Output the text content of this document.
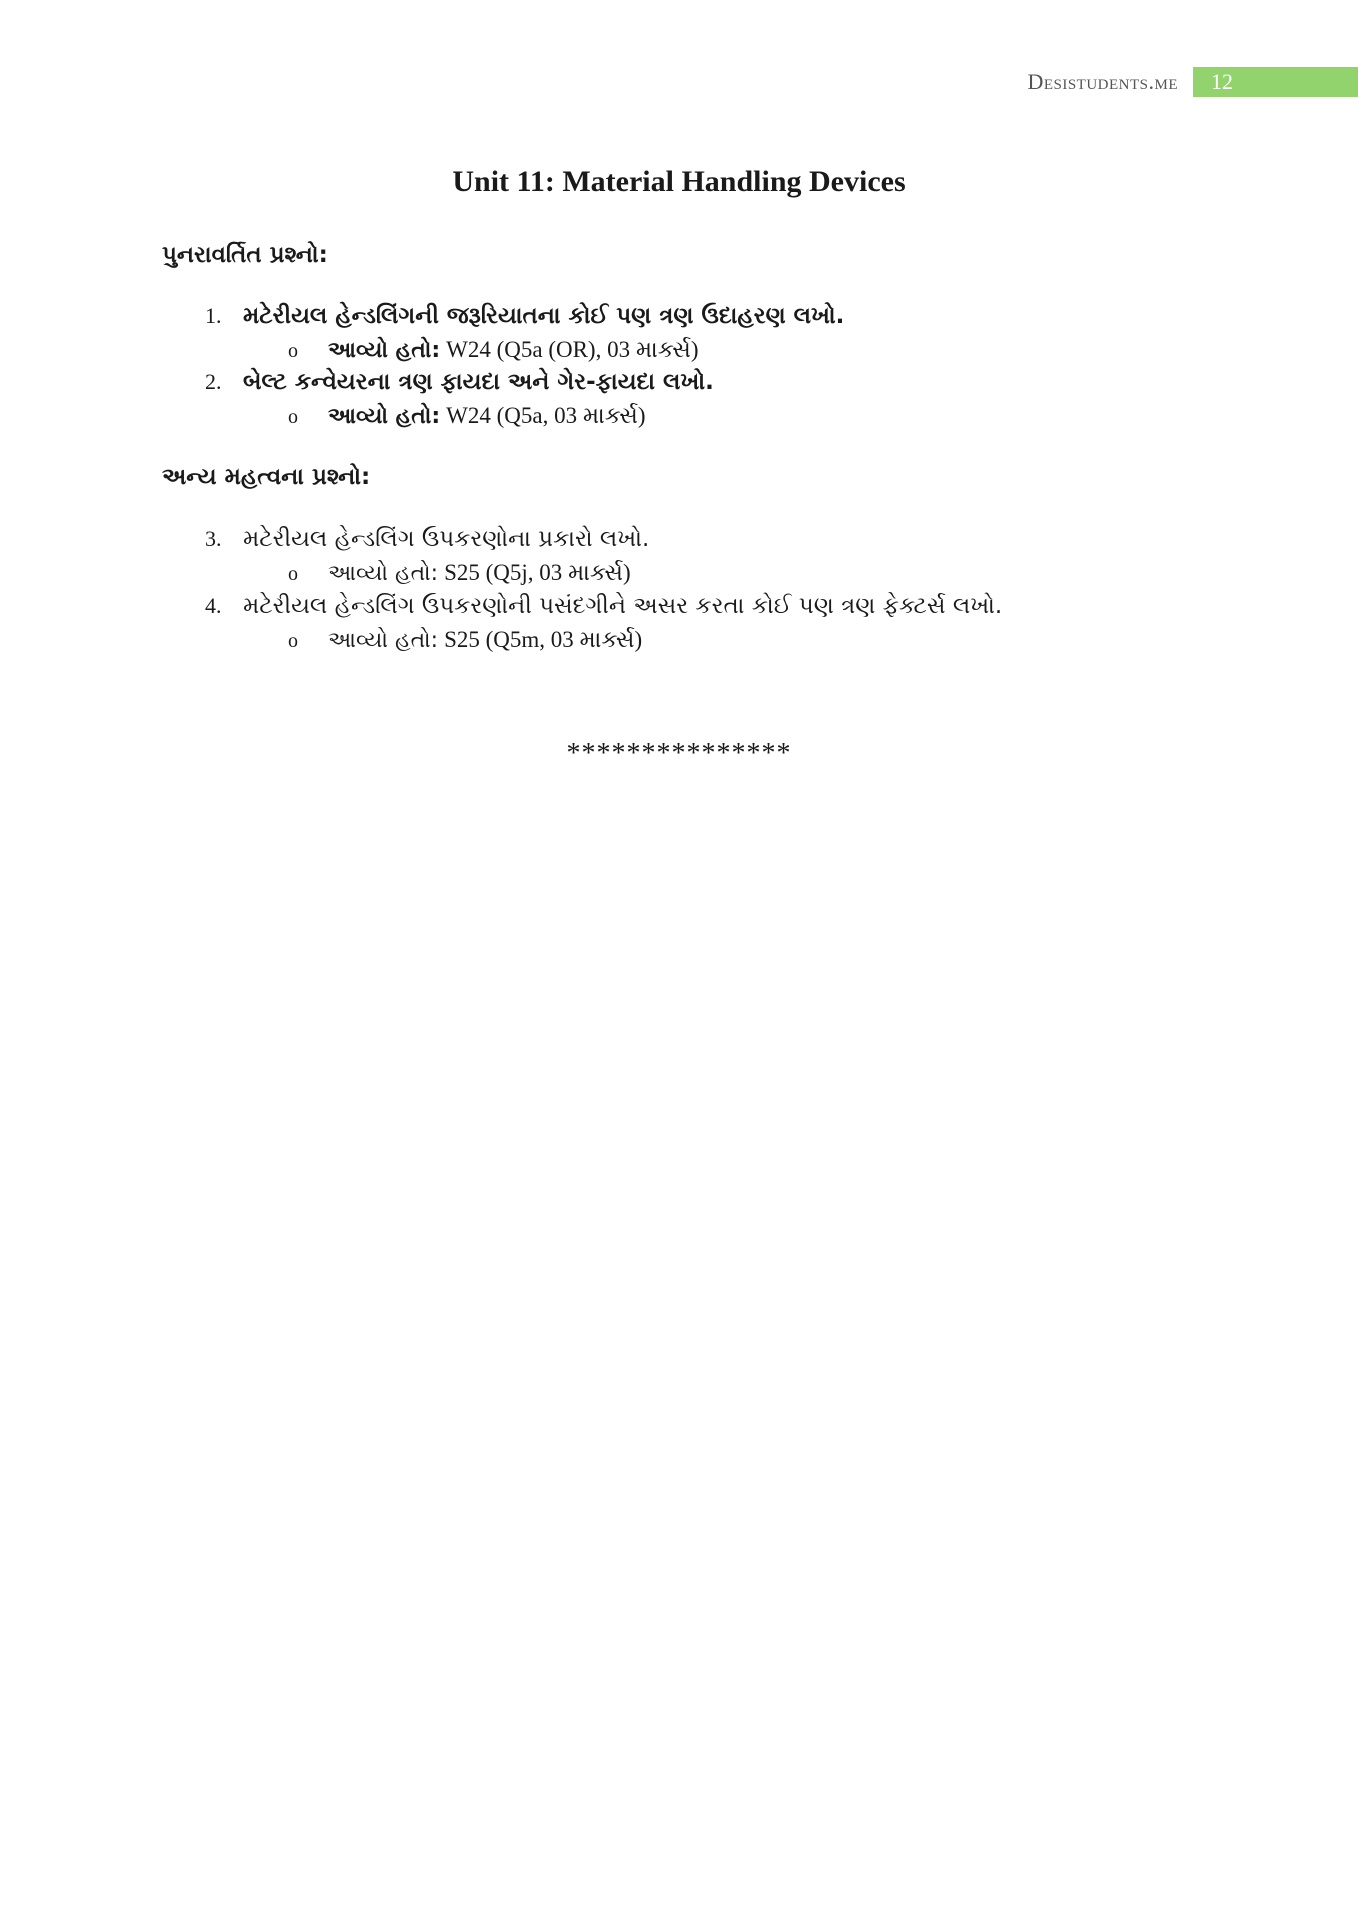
Desistudents.me	12
Unit 11: Material Handling Devices
પુનરાવર્તિત પ્રશ્નો:
1. મટેરીયલ હેન્ડલિંગની જરૂરિયાતના કોઈ પણ ત્રણ ઉદાહરણ લખો.
o	આવ્યો હતો: W24 (Q5a (OR), 03 માર્ક્સ)
2. બેલ્ટ કન્વેયરના ત્રણ ફાયદા અને ગેર-ફાયદા લખો.
o	આવ્યો હતો: W24 (Q5a, 03 માર્ક્સ)
અન્ય મહત્વના પ્રશ્નો:
3. મટેરીયલ હેન્ડલિંગ ઉપકરણોના પ્રકારો લખો.
o	આવ્યો હતો: S25 (Q5j, 03 માર્ક્સ)
4. મટેરીયલ હેન્ડલિંગ ઉપકરણોની પસંદગીને અસર કરતા કોઈ પણ ત્રણ ફેક્ટર્સ લખો.
o	આવ્યો હતો: S25 (Q5m, 03 માર્ક્સ)
***************
